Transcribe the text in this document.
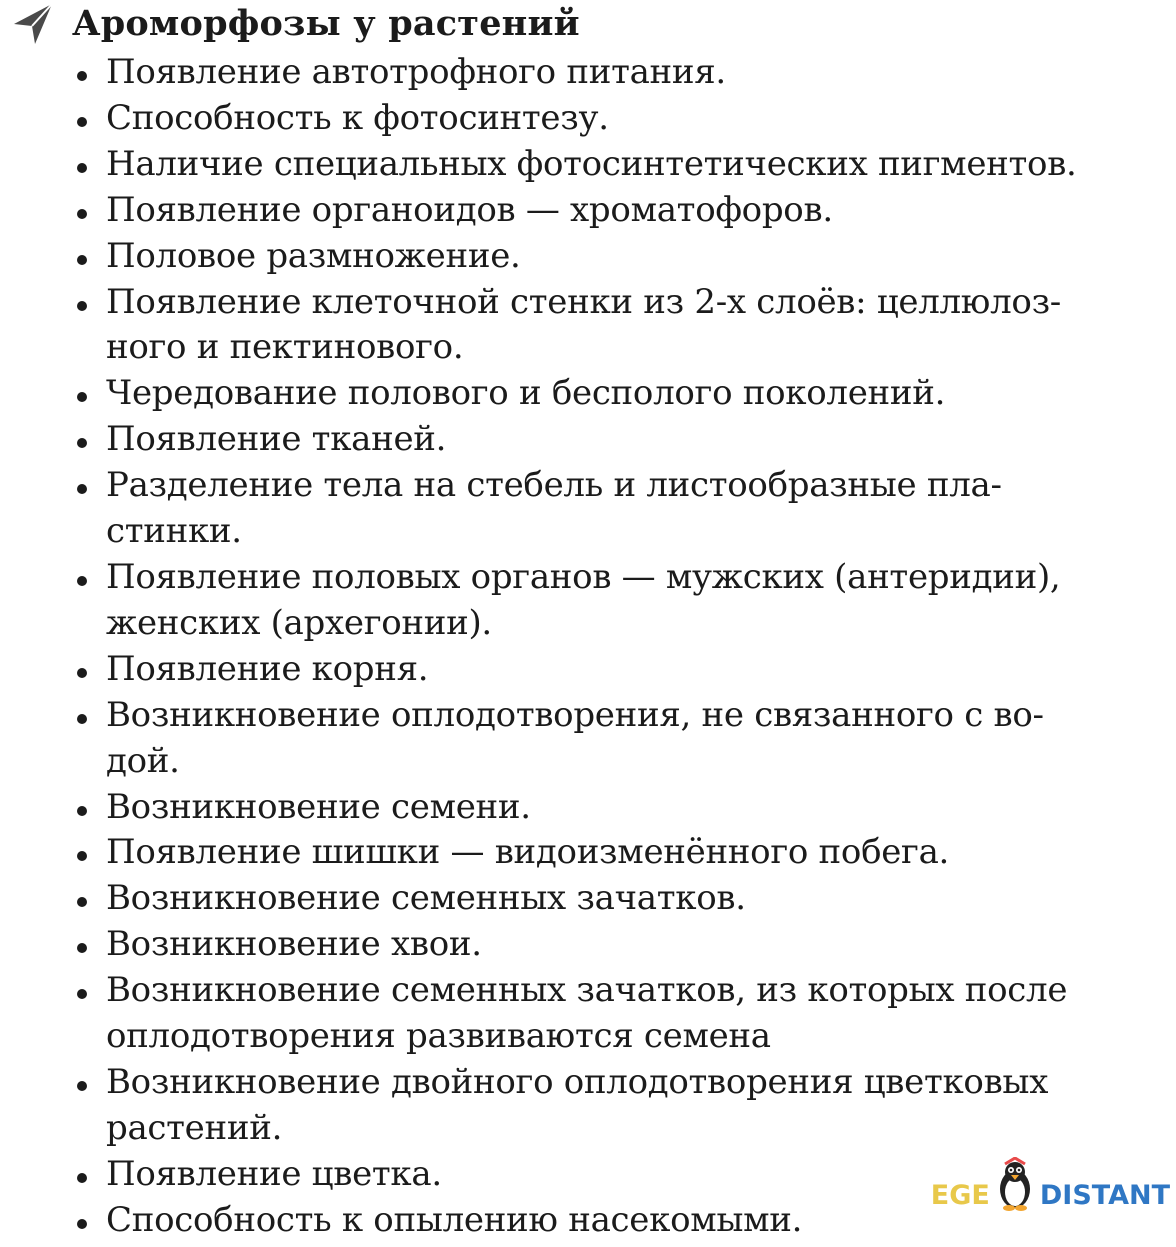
Ароморфозы у растений
Появление автотрофного питания.
Способность к фотосинтезу.
Наличие специальных фотосинтетических пигментов.
Появление органоидов — хроматофоров.
Половое размножение.
Появление клеточной стенки из 2-х слоёв: целлюлоз-
ного и пектинового.
Чередование полового и бесполого поколений.
Появление тканей.
Разделение тела на стебель и листообразные пла-
стинки.
Появление половых органов — мужских (антеридии),
женских (архегонии).
Появление корня.
Возникновение оплодотворения, не связанного с во-
дой.
Возникновение семени.
Появление шишки — видоизменённого побега.
Возникновение семенных зачатков.
Возникновение хвои.
Возникновение семенных зачатков, из которых после
оплодотворения развиваются семена
Возникновение двойного оплодотворения цветковых
растений.
Появление цветка.
Способность к опылению насекомыми.
EGE DISTANT
